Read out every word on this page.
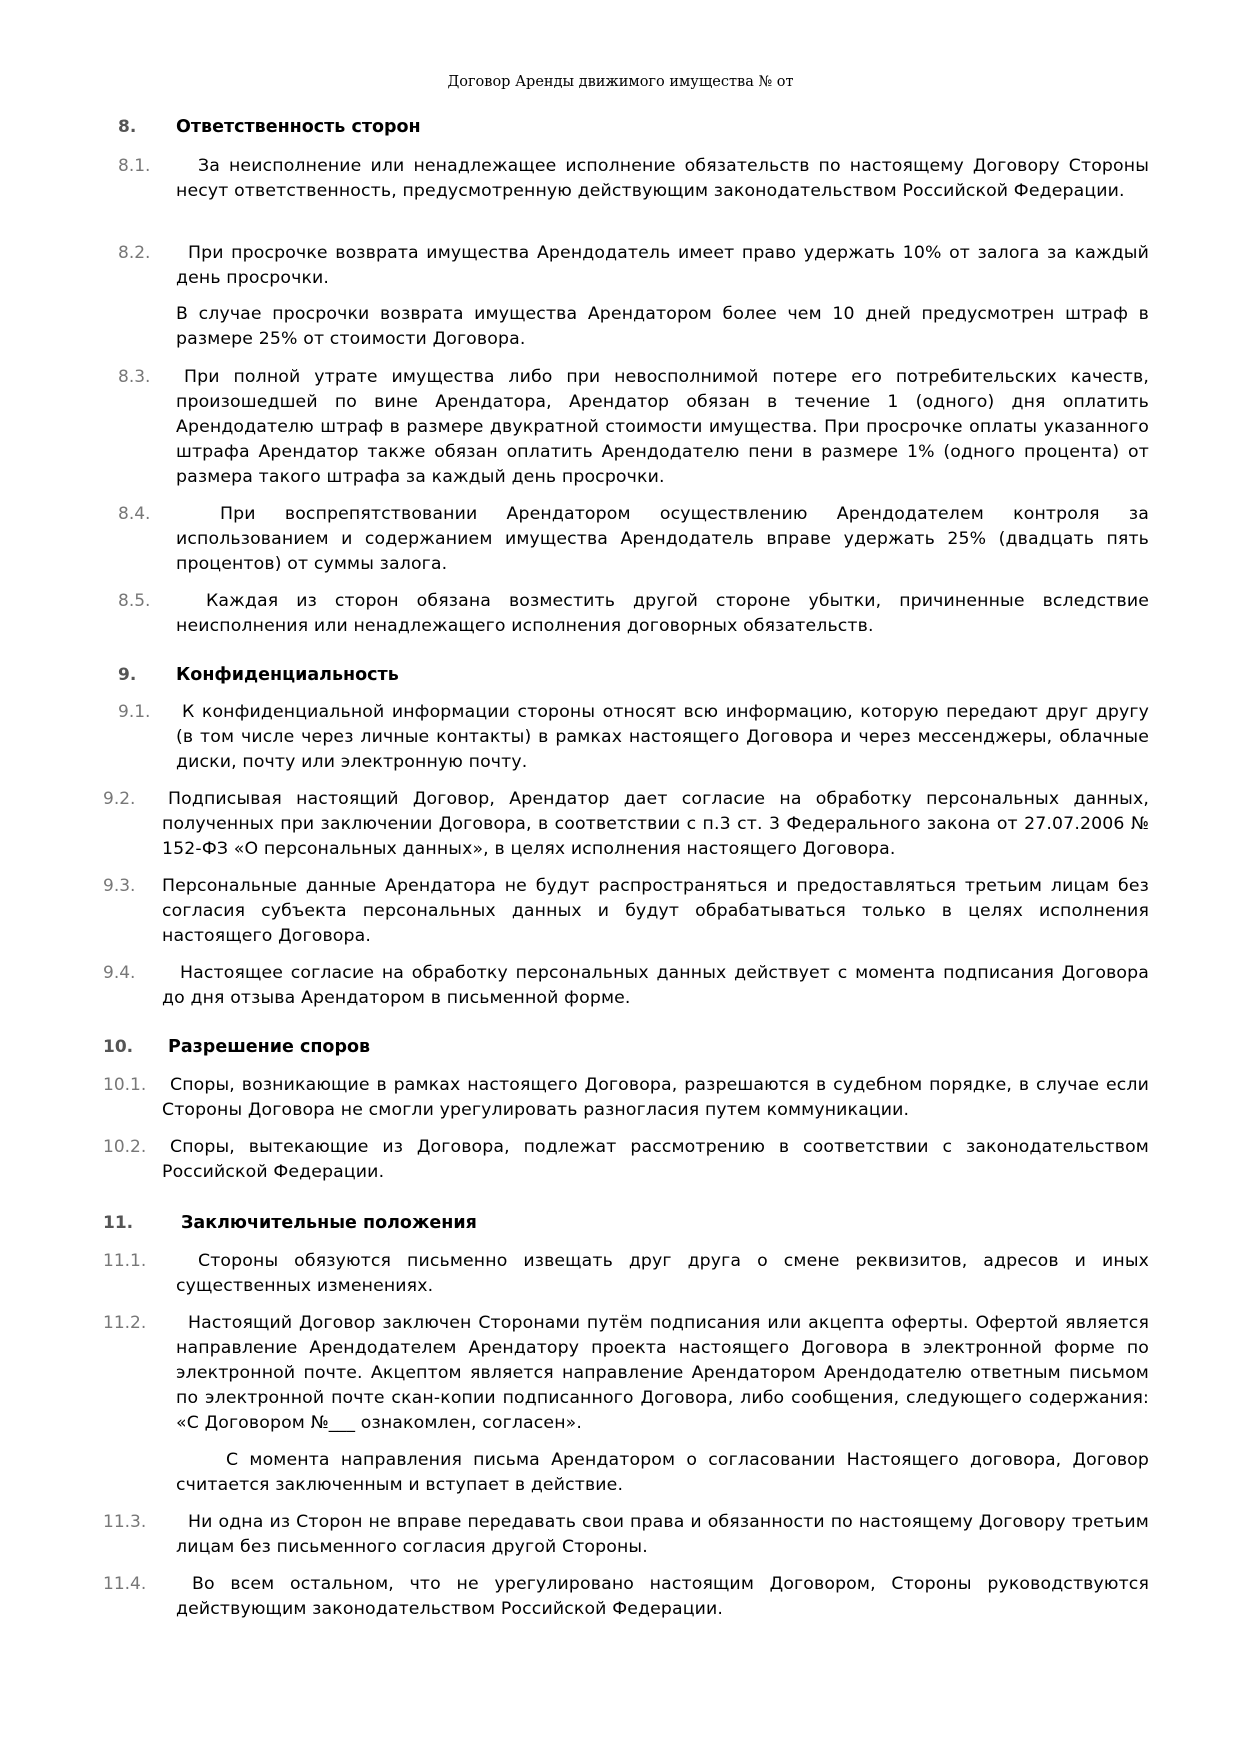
Договор Аренды движимого имущества № от
8. Ответственность сторон
8.1.	За неисполнение или ненадлежащее исполнение обязательств по настоящему Договору Стороны несут ответственность, предусмотренную действующим законодательством Российской Федерации.

8.2.	При просрочке возврата имущества Арендодатель имеет право удержать 10% от залога за каждый день просрочки.

В случае просрочки возврата имущества Арендатором более чем 10 дней предусмотрен штраф в размере 25% от стоимости Договора.

8.3.	При полной утрате имущества либо при невосполнимой потере его потребительских качеств, произошедшей по вине Арендатора, Арендатор обязан в течение 1 (одного) дня оплатить Арендодателю штраф в размере двукратной стоимости имущества. При просрочке оплаты указанного штрафа Арендатор также обязан оплатить Арендодателю пени в размере 1% (одного процента) от размера такого штрафа за каждый день просрочки.

8.4.	При воспрепятствовании Арендатором осуществлению Арендодателем контроля за использованием и содержанием имущества Арендодатель вправе удержать 25% (двадцать пять процентов) от суммы залога.

8.5.	Каждая из сторон обязана возместить другой стороне убытки, причиненные вследствие неисполнения или ненадлежащего исполнения договорных обязательств.

9. Конфиденциальность
9.1.	К конфиденциальной информации стороны относят всю информацию, которую передают друг другу (в том числе через личные контакты) в рамках настоящего Договора и через мессенджеры, облачные диски, почту или электронную почту.

9.2.	Подписывая настоящий Договор, Арендатор дает согласие на обработку персональных данных, полученных при заключении Договора, в соответствии с п.3 ст. 3 Федерального закона от 27.07.2006 № 152-ФЗ «О персональных данных», в целях исполнения настоящего Договора.

9.3. Персональные данные Арендатора не будут распространяться и предоставляться третьим лицам без согласия субъекта персональных данных и будут обрабатываться только в целях исполнения настоящего Договора.

9.4.	Настоящее согласие на обработку персональных данных действует с момента подписания Договора до дня отзыва Арендатором в письменной форме.

10. Разрешение споров
10.1.	Споры, возникающие в рамках настоящего Договора, разрешаются в судебном порядке, в случае если Стороны Договора не смогли урегулировать разногласия путем коммуникации.

10.2.	Споры, вытекающие из Договора, подлежат рассмотрению в соответствии с законодательством Российской Федерации.

11.	Заключительные положения
11.1.	Стороны обязуются письменно извещать друг друга о смене реквизитов, адресов и иных существенных изменениях.

11.2.	Настоящий Договор заключен Сторонами путём подписания или акцепта оферты. Офертой является направление Арендодателем Арендатору проекта настоящего Договора в электронной форме по электронной почте. Акцептом является направление Арендатором Арендодателю ответным письмом по электронной почте скан-копии подписанного Договора, либо сообщения, следующего содержания: «С Договором №___ ознакомлен, согласен».

С момента направления письма Арендатором о согласовании Настоящего договора, Договор считается заключенным и вступает в действие.

11.3.	Ни одна из Сторон не вправе передавать свои права и обязанности по настоящему Договору третьим лицам без письменного согласия другой Стороны.

11.4.	Во всем остальном, что не урегулировано настоящим Договором, Стороны руководствуются действующим законодательством Российской Федерации.
